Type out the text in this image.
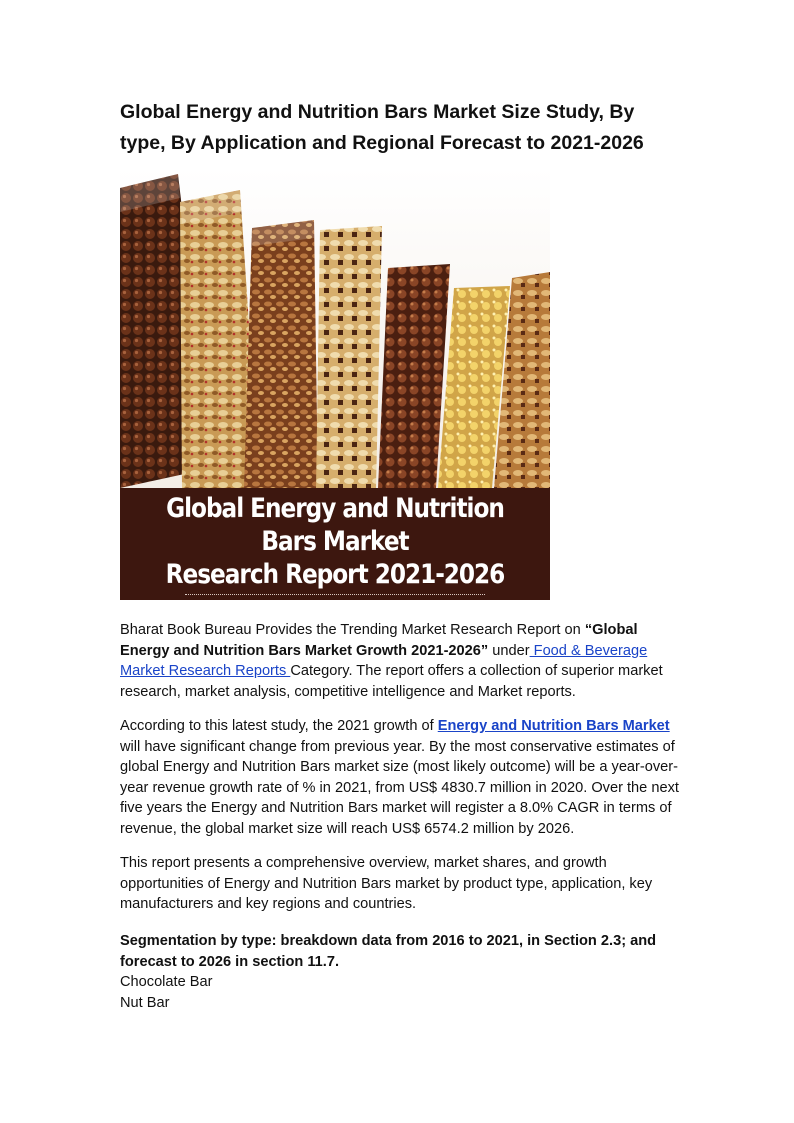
Global Energy and Nutrition Bars Market Size Study, By type, By Application and Regional Forecast to 2021-2026
Global Energy and Nutrition Bars Market
Research Report 2021-2026
www.bharatbook.com

Bharat Book Bureau Provides the Trending Market Research Report on “Global Energy and Nutrition Bars Market Growth 2021-2026” under Food & Beverage Market Research Reports Category. The report offers a collection of superior market research, market analysis, competitive intelligence and Market reports.

According to this latest study, the 2021 growth of Energy and Nutrition Bars Market will have significant change from previous year. By the most conservative estimates of global Energy and Nutrition Bars market size (most likely outcome) will be a year-over-year revenue growth rate of % in 2021, from US$ 4830.7 million in 2020. Over the next five years the Energy and Nutrition Bars market will register a 8.0% CAGR in terms of revenue, the global market size will reach US$ 6574.2 million by 2026.

This report presents a comprehensive overview, market shares, and growth opportunities of Energy and Nutrition Bars market by product type, application, key manufacturers and key regions and countries.

Segmentation by type: breakdown data from 2016 to 2021, in Section 2.3; and forecast to 2026 in section 11.7.
Chocolate Bar
Nut Bar
